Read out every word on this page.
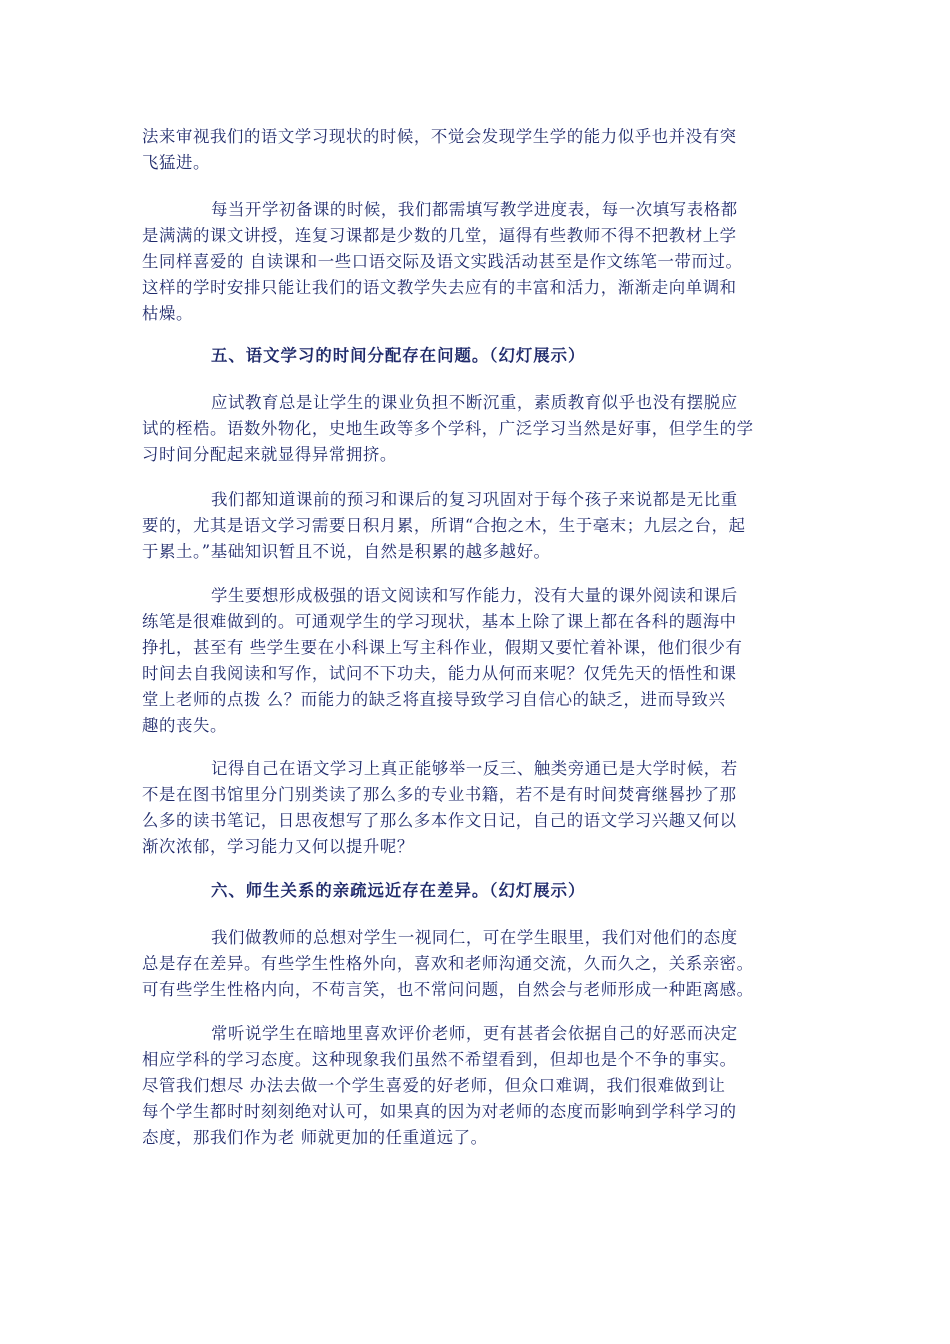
法来审视我们的语文学习现状的时候，不觉会发现学生学的能力似乎也并没有突
飞猛进。
每当开学初备课的时候，我们都需填写教学进度表，每一次填写表格都
是满满的课文讲授，连复习课都是少数的几堂，逼得有些教师不得不把教材上学
生同样喜爱的 自读课和一些口语交际及语文实践活动甚至是作文练笔一带而过。
这样的学时安排只能让我们的语文教学失去应有的丰富和活力，渐渐走向单调和
枯燥。
五、语文学习的时间分配存在问题。（幻灯展示）
应试教育总是让学生的课业负担不断沉重，素质教育似乎也没有摆脱应
试的桎梏。语数外物化，史地生政等多个学科，广泛学习当然是好事，但学生的学
习时间分配起来就显得异常拥挤。
我们都知道课前的预习和课后的复习巩固对于每个孩子来说都是无比重
要的，尤其是语文学习需要日积月累，所谓“合抱之木，生于毫末；九层之台，起
于累土。”基础知识暂且不说，自然是积累的越多越好。
学生要想形成极强的语文阅读和写作能力，没有大量的课外阅读和课后
练笔是很难做到的。可通观学生的学习现状，基本上除了课上都在各科的题海中
挣扎，甚至有 些学生要在小科课上写主科作业，假期又要忙着补课，他们很少有
时间去自我阅读和写作，试问不下功夫，能力从何而来呢？仅凭先天的悟性和课
堂上老师的点拨 么？而能力的缺乏将直接导致学习自信心的缺乏，进而导致兴
趣的丧失。
记得自己在语文学习上真正能够举一反三、触类旁通已是大学时候，若
不是在图书馆里分门别类读了那么多的专业书籍，若不是有时间焚膏继晷抄了那
么多的读书笔记，日思夜想写了那么多本作文日记，自己的语文学习兴趣又何以
渐次浓郁，学习能力又何以提升呢？
六、师生关系的亲疏远近存在差异。（幻灯展示）
我们做教师的总想对学生一视同仁，可在学生眼里，我们对他们的态度
总是存在差异。有些学生性格外向，喜欢和老师沟通交流，久而久之，关系亲密。
可有些学生性格内向，不苟言笑，也不常问问题，自然会与老师形成一种距离感。
常听说学生在暗地里喜欢评价老师，更有甚者会依据自己的好恶而决定
相应学科的学习态度。这种现象我们虽然不希望看到，但却也是个不争的事实。
尽管我们想尽 办法去做一个学生喜爱的好老师，但众口难调，我们很难做到让
每个学生都时时刻刻绝对认可，如果真的因为对老师的态度而影响到学科学习的
态度，那我们作为老 师就更加的任重道远了。
